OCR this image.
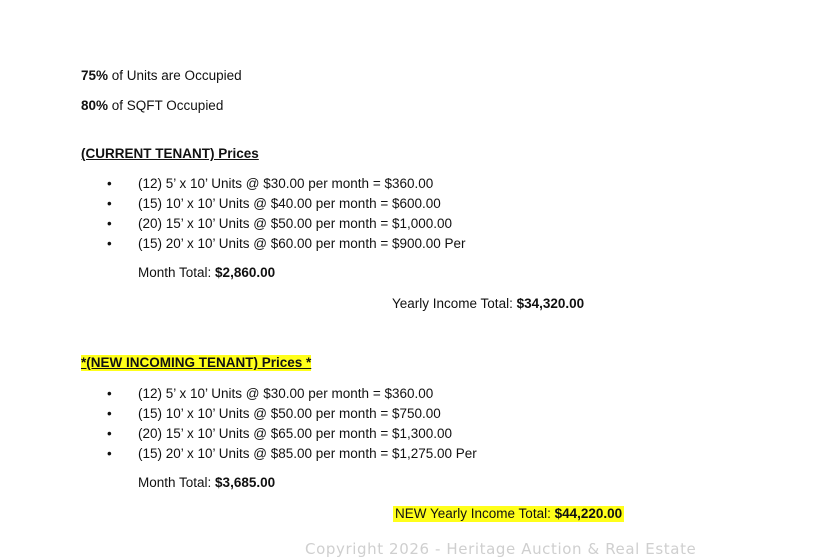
75% of Units are Occupied
80% of SQFT Occupied
(CURRENT TENANT) Prices
• (12) 5’ x 10’ Units @ $30.00 per month = $360.00
• (15) 10’ x 10’ Units @ $40.00 per month = $600.00
• (20) 15’ x 10’ Units @ $50.00 per month = $1,000.00
• (15) 20’ x 10’ Units @ $60.00 per month = $900.00 Per
Month Total: $2,860.00
Yearly Income Total: $34,320.00
*(NEW INCOMING TENANT) Prices *
• (12) 5’ x 10’ Units @ $30.00 per month = $360.00
• (15) 10’ x 10’ Units @ $50.00 per month = $750.00
• (20) 15’ x 10’ Units @ $65.00 per month = $1,300.00
• (15) 20’ x 10’ Units @ $85.00 per month = $1,275.00 Per
Month Total: $3,685.00
NEW Yearly Income Total: $44,220.00
Copyright 2026 - Heritage Auction & Real Estate
